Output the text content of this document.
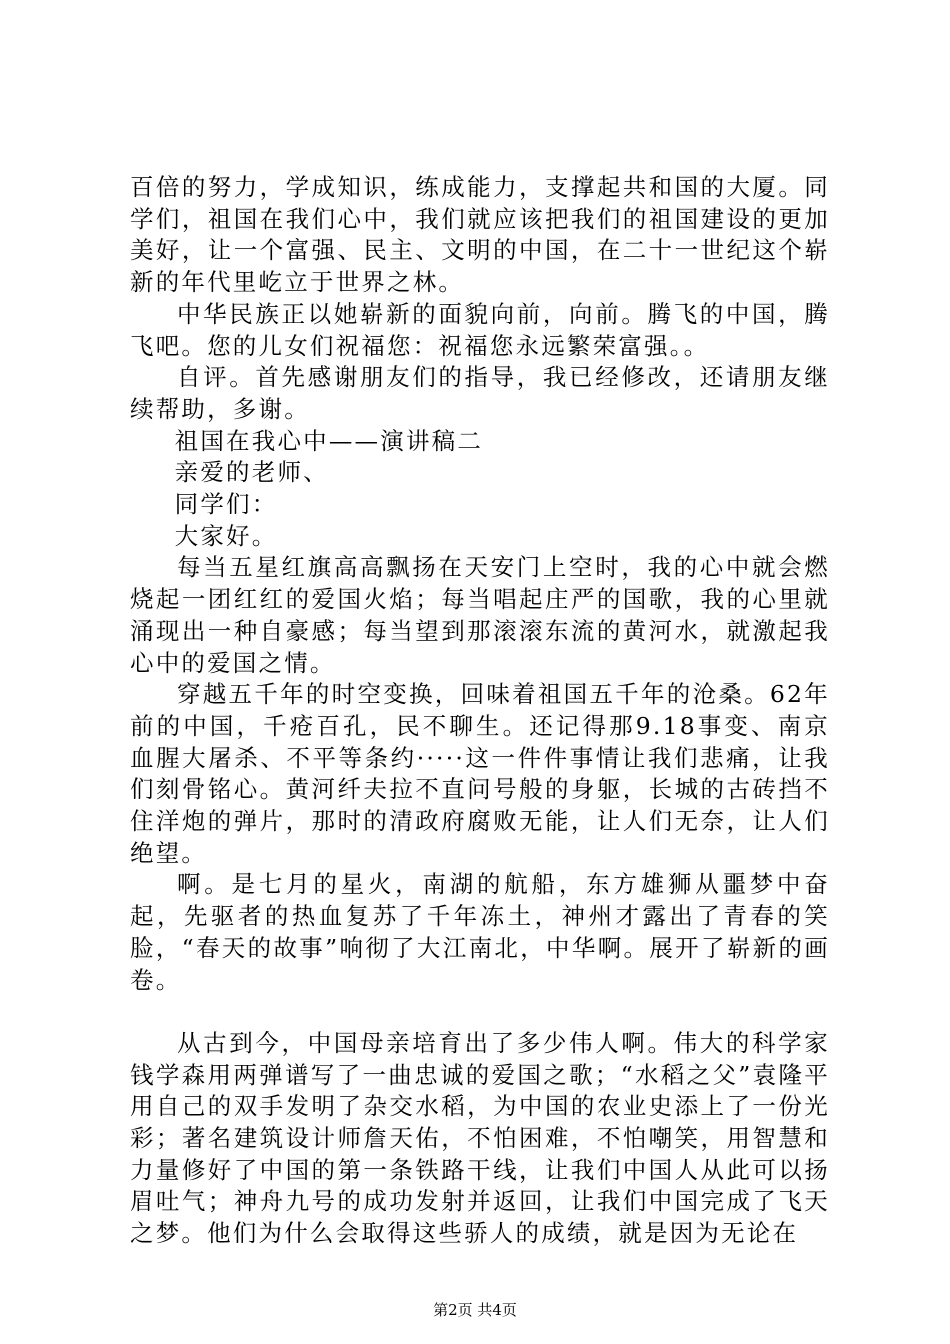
百倍的努力，学成知识，练成能力，支撑起共和国的大厦。同学们，祖国在我们心中，我们就应该把我们的祖国建设的更加美好，让一个富强、民主、文明的中国，在二十一世纪这个崭新的年代里屹立于世界之林。

中华民族正以她崭新的面貌向前，向前。腾飞的中国，腾飞吧。您的儿女们祝福您：祝福您永远繁荣富强。。

自评。首先感谢朋友们的指导，我已经修改，还请朋友继续帮助，多谢。

祖国在我心中——演讲稿二

亲爱的老师、

同学们：

大家好。

每当五星红旗高高飘扬在天安门上空时，我的心中就会燃烧起一团红红的爱国火焰；每当唱起庄严的国歌，我的心里就涌现出一种自豪感；每当望到那滚滚东流的黄河水，就激起我心中的爱国之情。

穿越五千年的时空变换，回味着祖国五千年的沧桑。62年前的中国，千疮百孔，民不聊生。还记得那9.18事变、南京血腥大屠杀、不平等条约·····这一件件事情让我们悲痛，让我们刻骨铭心。黄河纤夫拉不直问号般的身躯，长城的古砖挡不住洋炮的弹片，那时的清政府腐败无能，让人们无奈，让人们绝望。

啊。是七月的星火，南湖的航船，东方雄狮从噩梦中奋起，先驱者的热血复苏了千年冻土，神州才露出了青春的笑脸，“春天的故事”响彻了大江南北，中华啊。展开了崭新的画卷。

从古到今，中国母亲培育出了多少伟人啊。伟大的科学家钱学森用两弹谱写了一曲忠诚的爱国之歌；“水稻之父”袁隆平用自己的双手发明了杂交水稻，为中国的农业史添上了一份光彩；著名建筑设计师詹天佑，不怕困难，不怕嘲笑，用智慧和力量修好了中国的第一条铁路干线，让我们中国人从此可以扬眉吐气；神舟九号的成功发射并返回，让我们中国完成了飞天之梦。他们为什么会取得这些骄人的成绩，就是因为无论在

第2页 共4页
